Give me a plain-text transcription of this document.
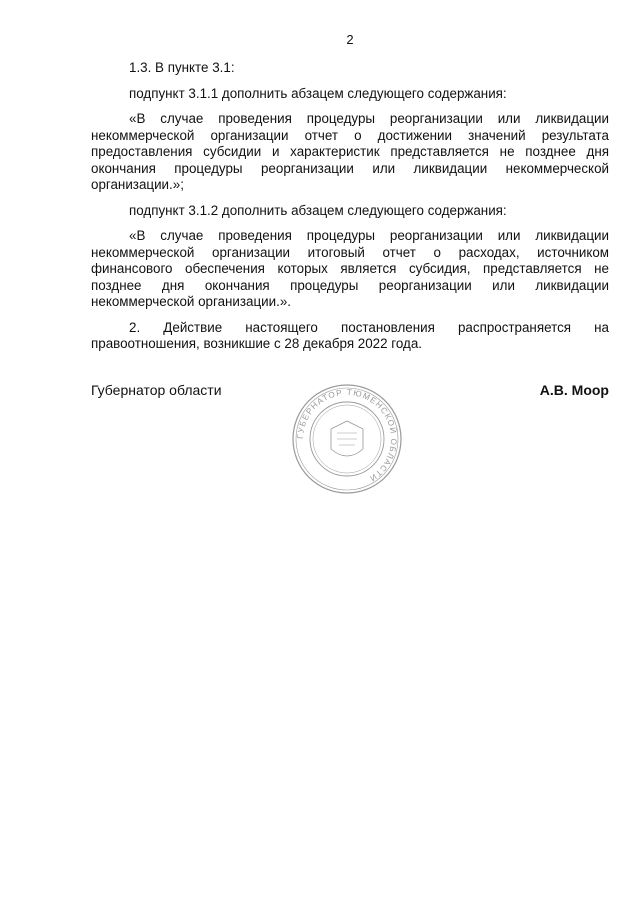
2

1.3. В пункте 3.1:

подпункт 3.1.1 дополнить абзацем следующего содержания:

«В случае проведения процедуры реорганизации или ликвидации некоммерческой организации отчет о достижении значений результата предоставления субсидии и характеристик представляется не позднее дня окончания процедуры реорганизации или ликвидации некоммерческой организации.»;

подпункт 3.1.2 дополнить абзацем следующего содержания:

«В случае проведения процедуры реорганизации или ликвидации некоммерческой организации итоговый отчет о расходах, источником финансового обеспечения которых является субсидия, представляется не позднее дня окончания процедуры реорганизации или ликвидации некоммерческой организации.».

2. Действие настоящего постановления распространяется на правоотношения, возникшие с 28 декабря 2022 года.

Губернатор области	А.В. Моор
ГУБЕРНАТОР ТЮМЕНСКОЙ ОБЛАСТИ
